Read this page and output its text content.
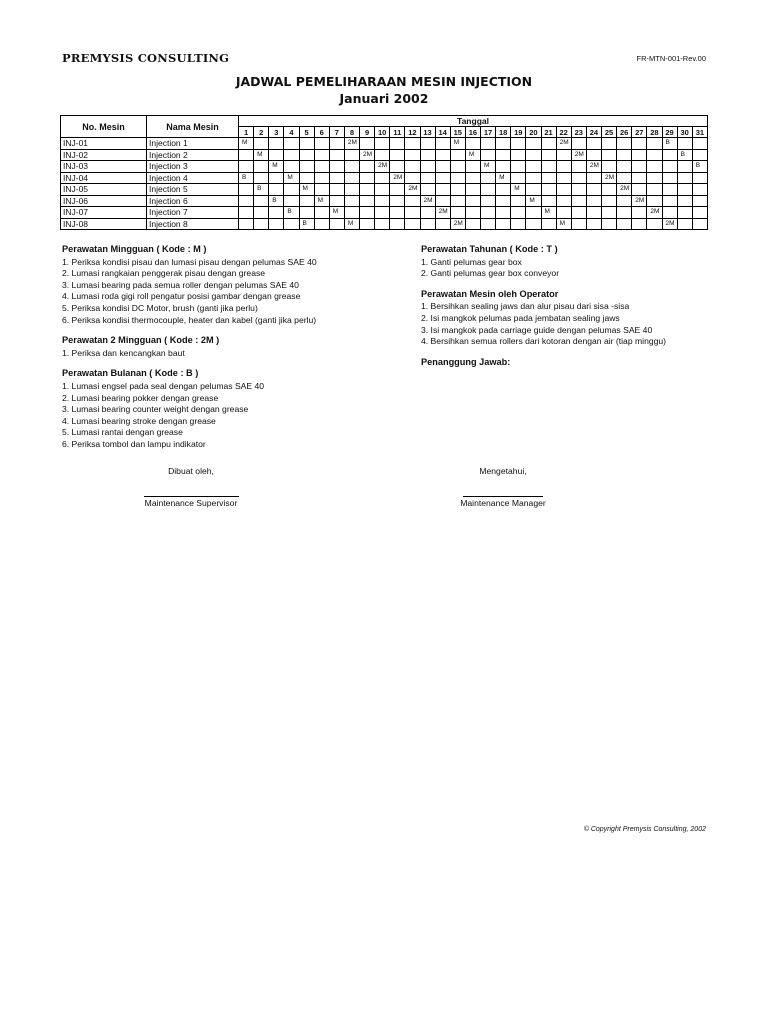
PREMYSIS CONSULTING	FR-MTN-001-Rev.00
JADWAL PEMELIHARAAN MESIN INJECTION
Januari 2002
No. Mesin	Nama Mesin	Tanggal																														
		1	2	3	4	5	6	7	8	9	10	11	12	13	14	15	16	17	18	19	20	21	22	23	24	25	26	27	28	29	30	31
INJ-01	Injection 1	M							2M							M							2M							B		
INJ-02	Injection 2		M							2M							M							2M							B	
INJ-03	Injection 3			M							2M							M							2M							B
INJ-04	Injection 4	B			M							2M							M							2M						
INJ-05	Injection 5		B			M							2M							M							2M					
INJ-06	Injection 6			B			M							2M							M							2M				
INJ-07	Injection 7				B			M							2M							M							2M			
INJ-08	Injection 8					B			M							2M							M							2M		
Perawatan Mingguan ( Kode : M )
1. Periksa kondisi pisau dan lumasi pisau dengan pelumas SAE 40
2. Lumasi rangkaian penggerak pisau dengan grease
3. Lumasi bearing pada semua roller dengan pelumas SAE 40
4. Lumasi roda gigi roll pengatur posisi gambar dengan grease
5. Periksa kondisi DC Motor, brush (ganti jika perlu)
6. Periksa kondisi thermocouple, heater dan kabel (ganti jika perlu)
Perawatan 2 Mingguan ( Kode : 2M )
1. Periksa dan kencangkan baut
Perawatan Bulanan ( Kode : B )
1. Lumasi engsel pada seal dengan pelumas SAE 40
2. Lumasi bearing pokker dengan grease
3. Lumasi bearing counter weight dengan grease
4. Lumasi bearing stroke dengan grease
5. Lumasi rantai dengan grease
6. Periksa tombol dan lampu indikator
Perawatan Tahunan ( Kode : T )
1. Ganti pelumas gear box
2. Ganti pelumas gear box conveyor
Perawatan Mesin oleh Operator
1. Bersihkan sealing jaws dan alur pisau dari sisa -sisa
2. Isi mangkok pelumas pada jembatan sealing jaws
3. Isi mangkok pada carriage guide dengan pelumas SAE 40
4. Bersihkan semua rollers dari kotoran dengan air (tiap minggu)
Penanggung Jawab:
Dibuat oleh,
Maintenance Supervisor
Mengetahui,
Maintenance Manager
© Copyright Premysis Consulting, 2002
